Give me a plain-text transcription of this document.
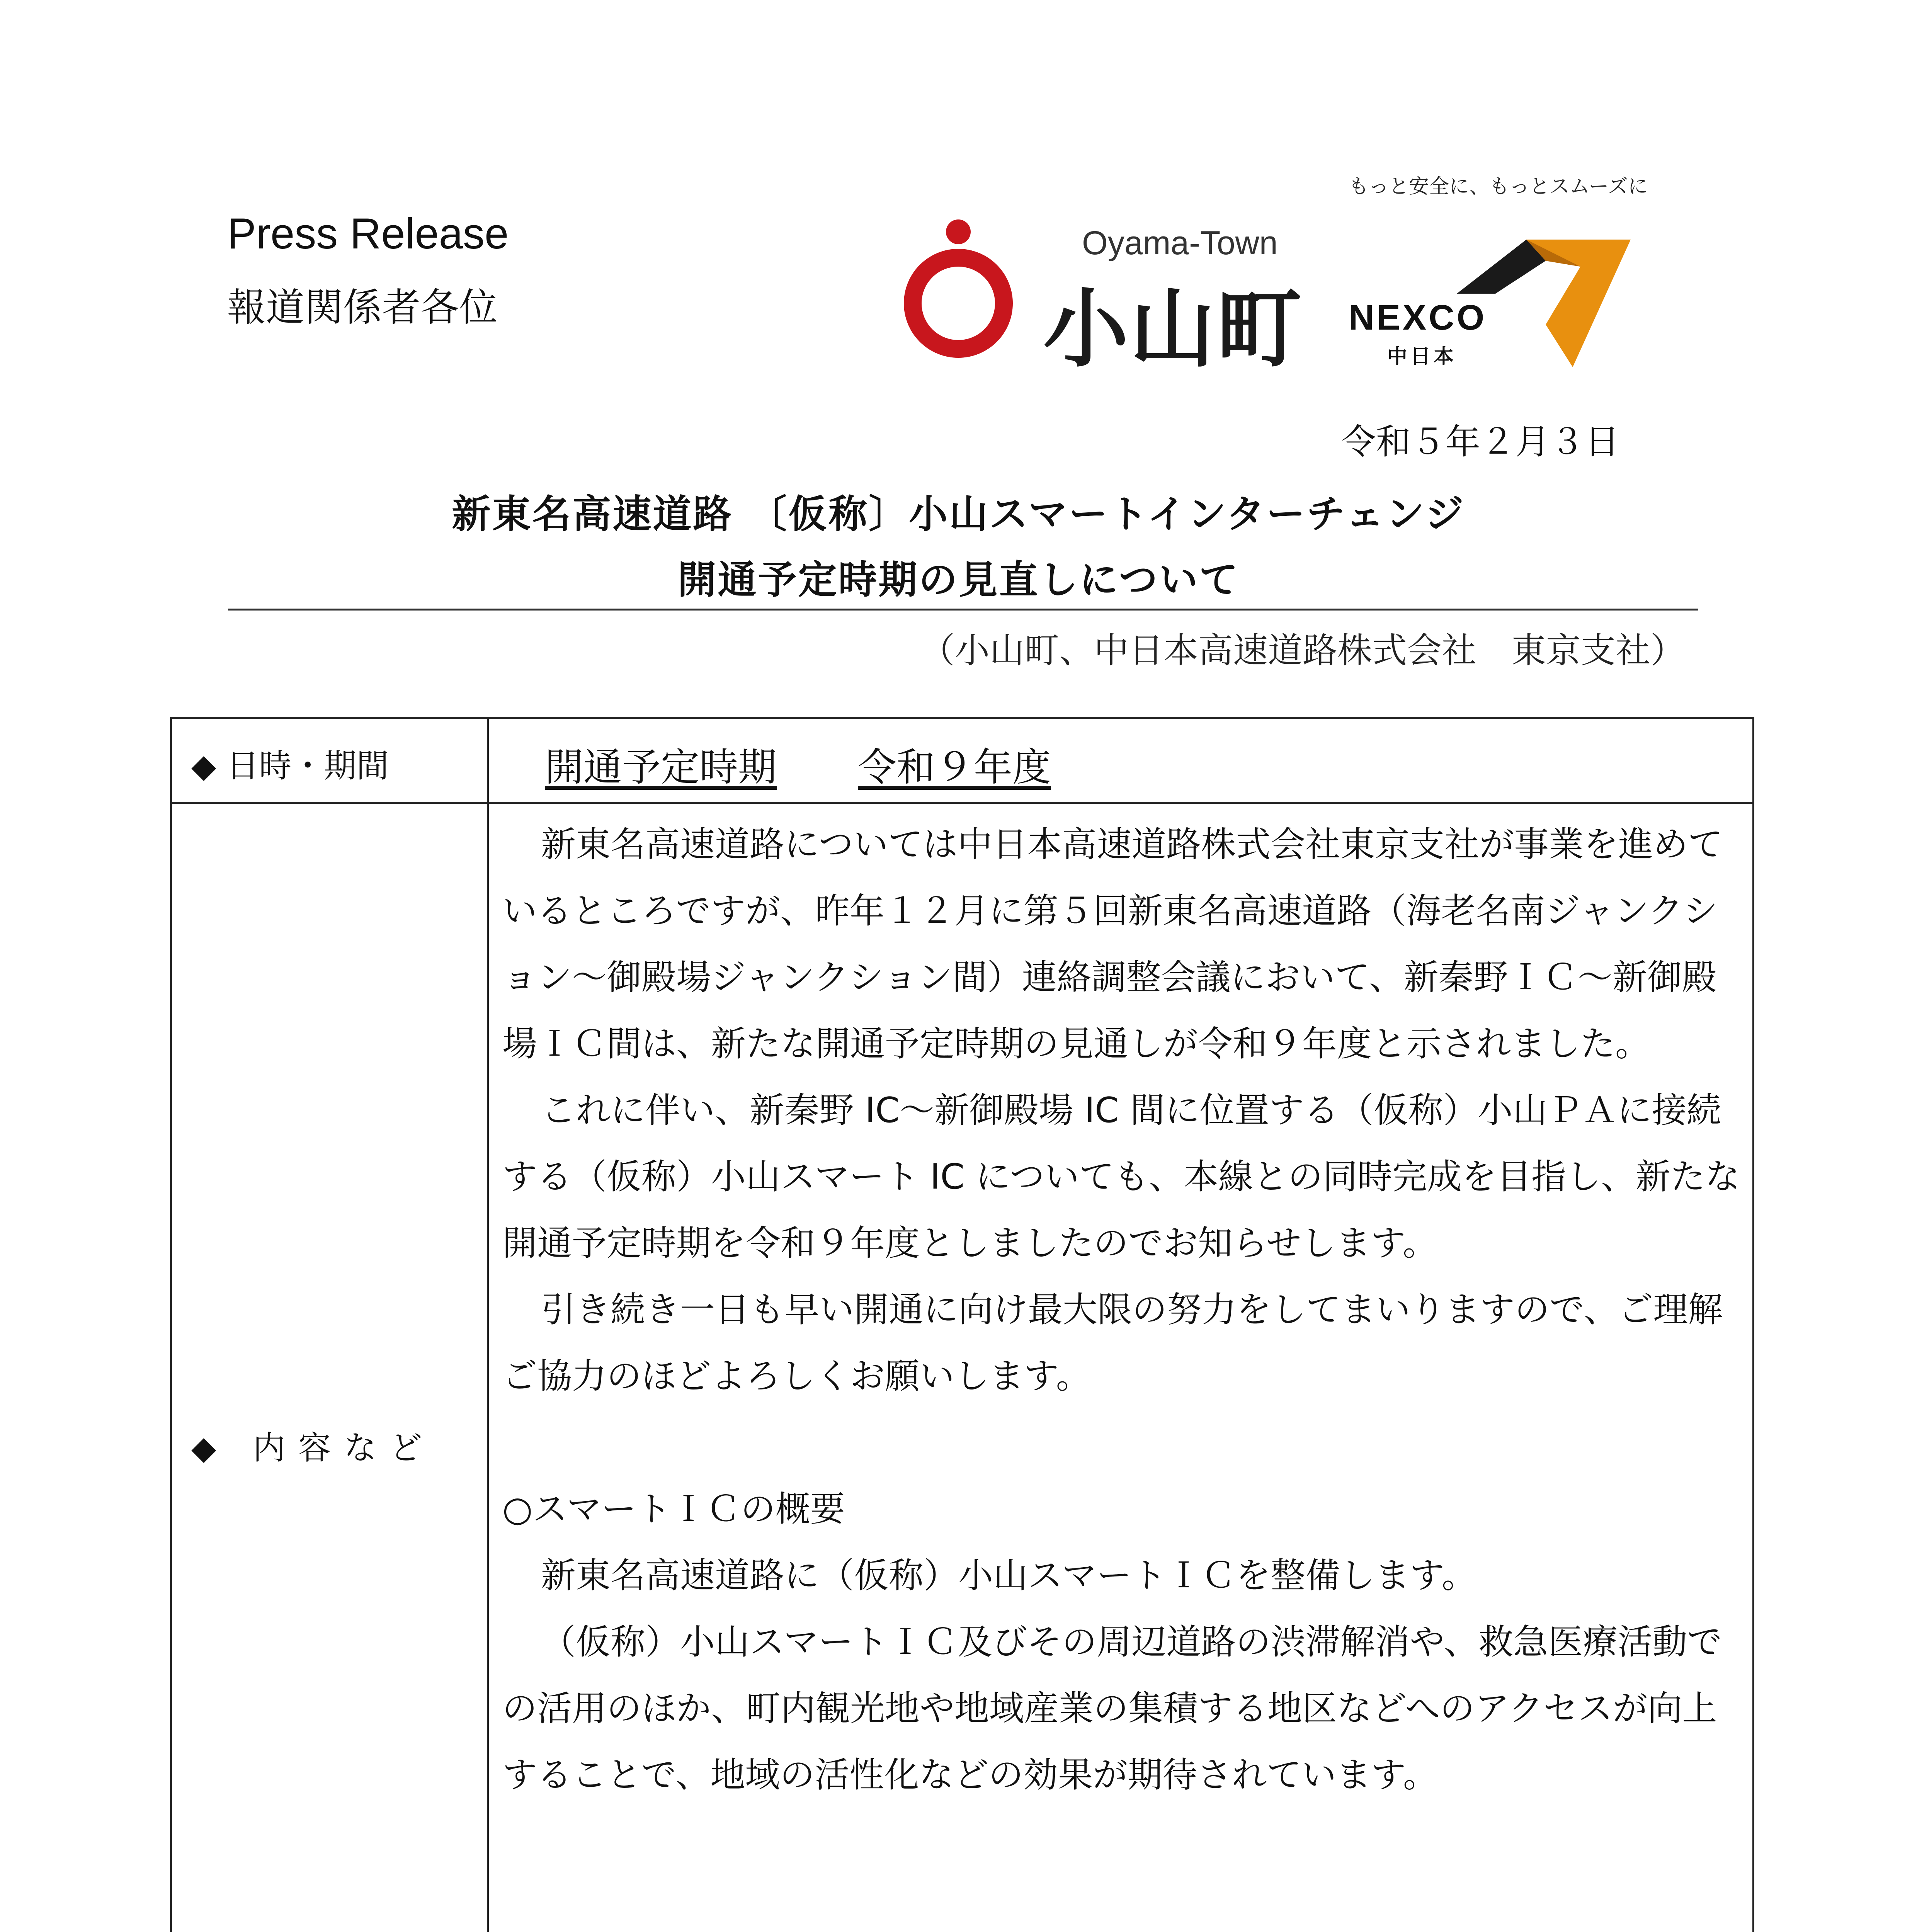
Press Release
報道関係者各位
Oyama-Town
小山町
もっと安全に、もっとスムーズに
NEXCO
中日本
令和５年２月３日
新東名高速道路 〔仮称〕小山スマートインターチェンジ
開通予定時期の見直しについて
（小山町、中日本高速道路株式会社　東京支社）
◆ 日時・期間
◆ 内容など
開通予定時期 令和９年度

新東名高速道路については中日本高速道路株式会社東京支社が事業を進めているところですが、昨年１２月に第５回新東名高速道路（海老名南ジャンクション～御殿場ジャンクション間）連絡調整会議において、新秦野ＩＣ～新御殿場ＩＣ間は、新たな開通予定時期の見通しが令和９年度と示されました。

これに伴い、新秦野 IC～新御殿場 IC 間に位置する（仮称）小山ＰＡに接続する（仮称）小山スマート IC についても、本線との同時完成を目指し、新たな開通予定時期を令和９年度としましたのでお知らせします。

引き続き一日も早い開通に向け最大限の努力をしてまいりますので、ご理解ご協力のほどよろしくお願いします。

○スマートＩＣの概要

新東名高速道路に（仮称）小山スマートＩＣを整備します。

（仮称）小山スマートＩＣ及びその周辺道路の渋滞解消や、救急医療活動での活用のほか、町内観光地や地域産業の集積する地区などへのアクセスが向上することで、地域の活性化などの効果が期待されています。
